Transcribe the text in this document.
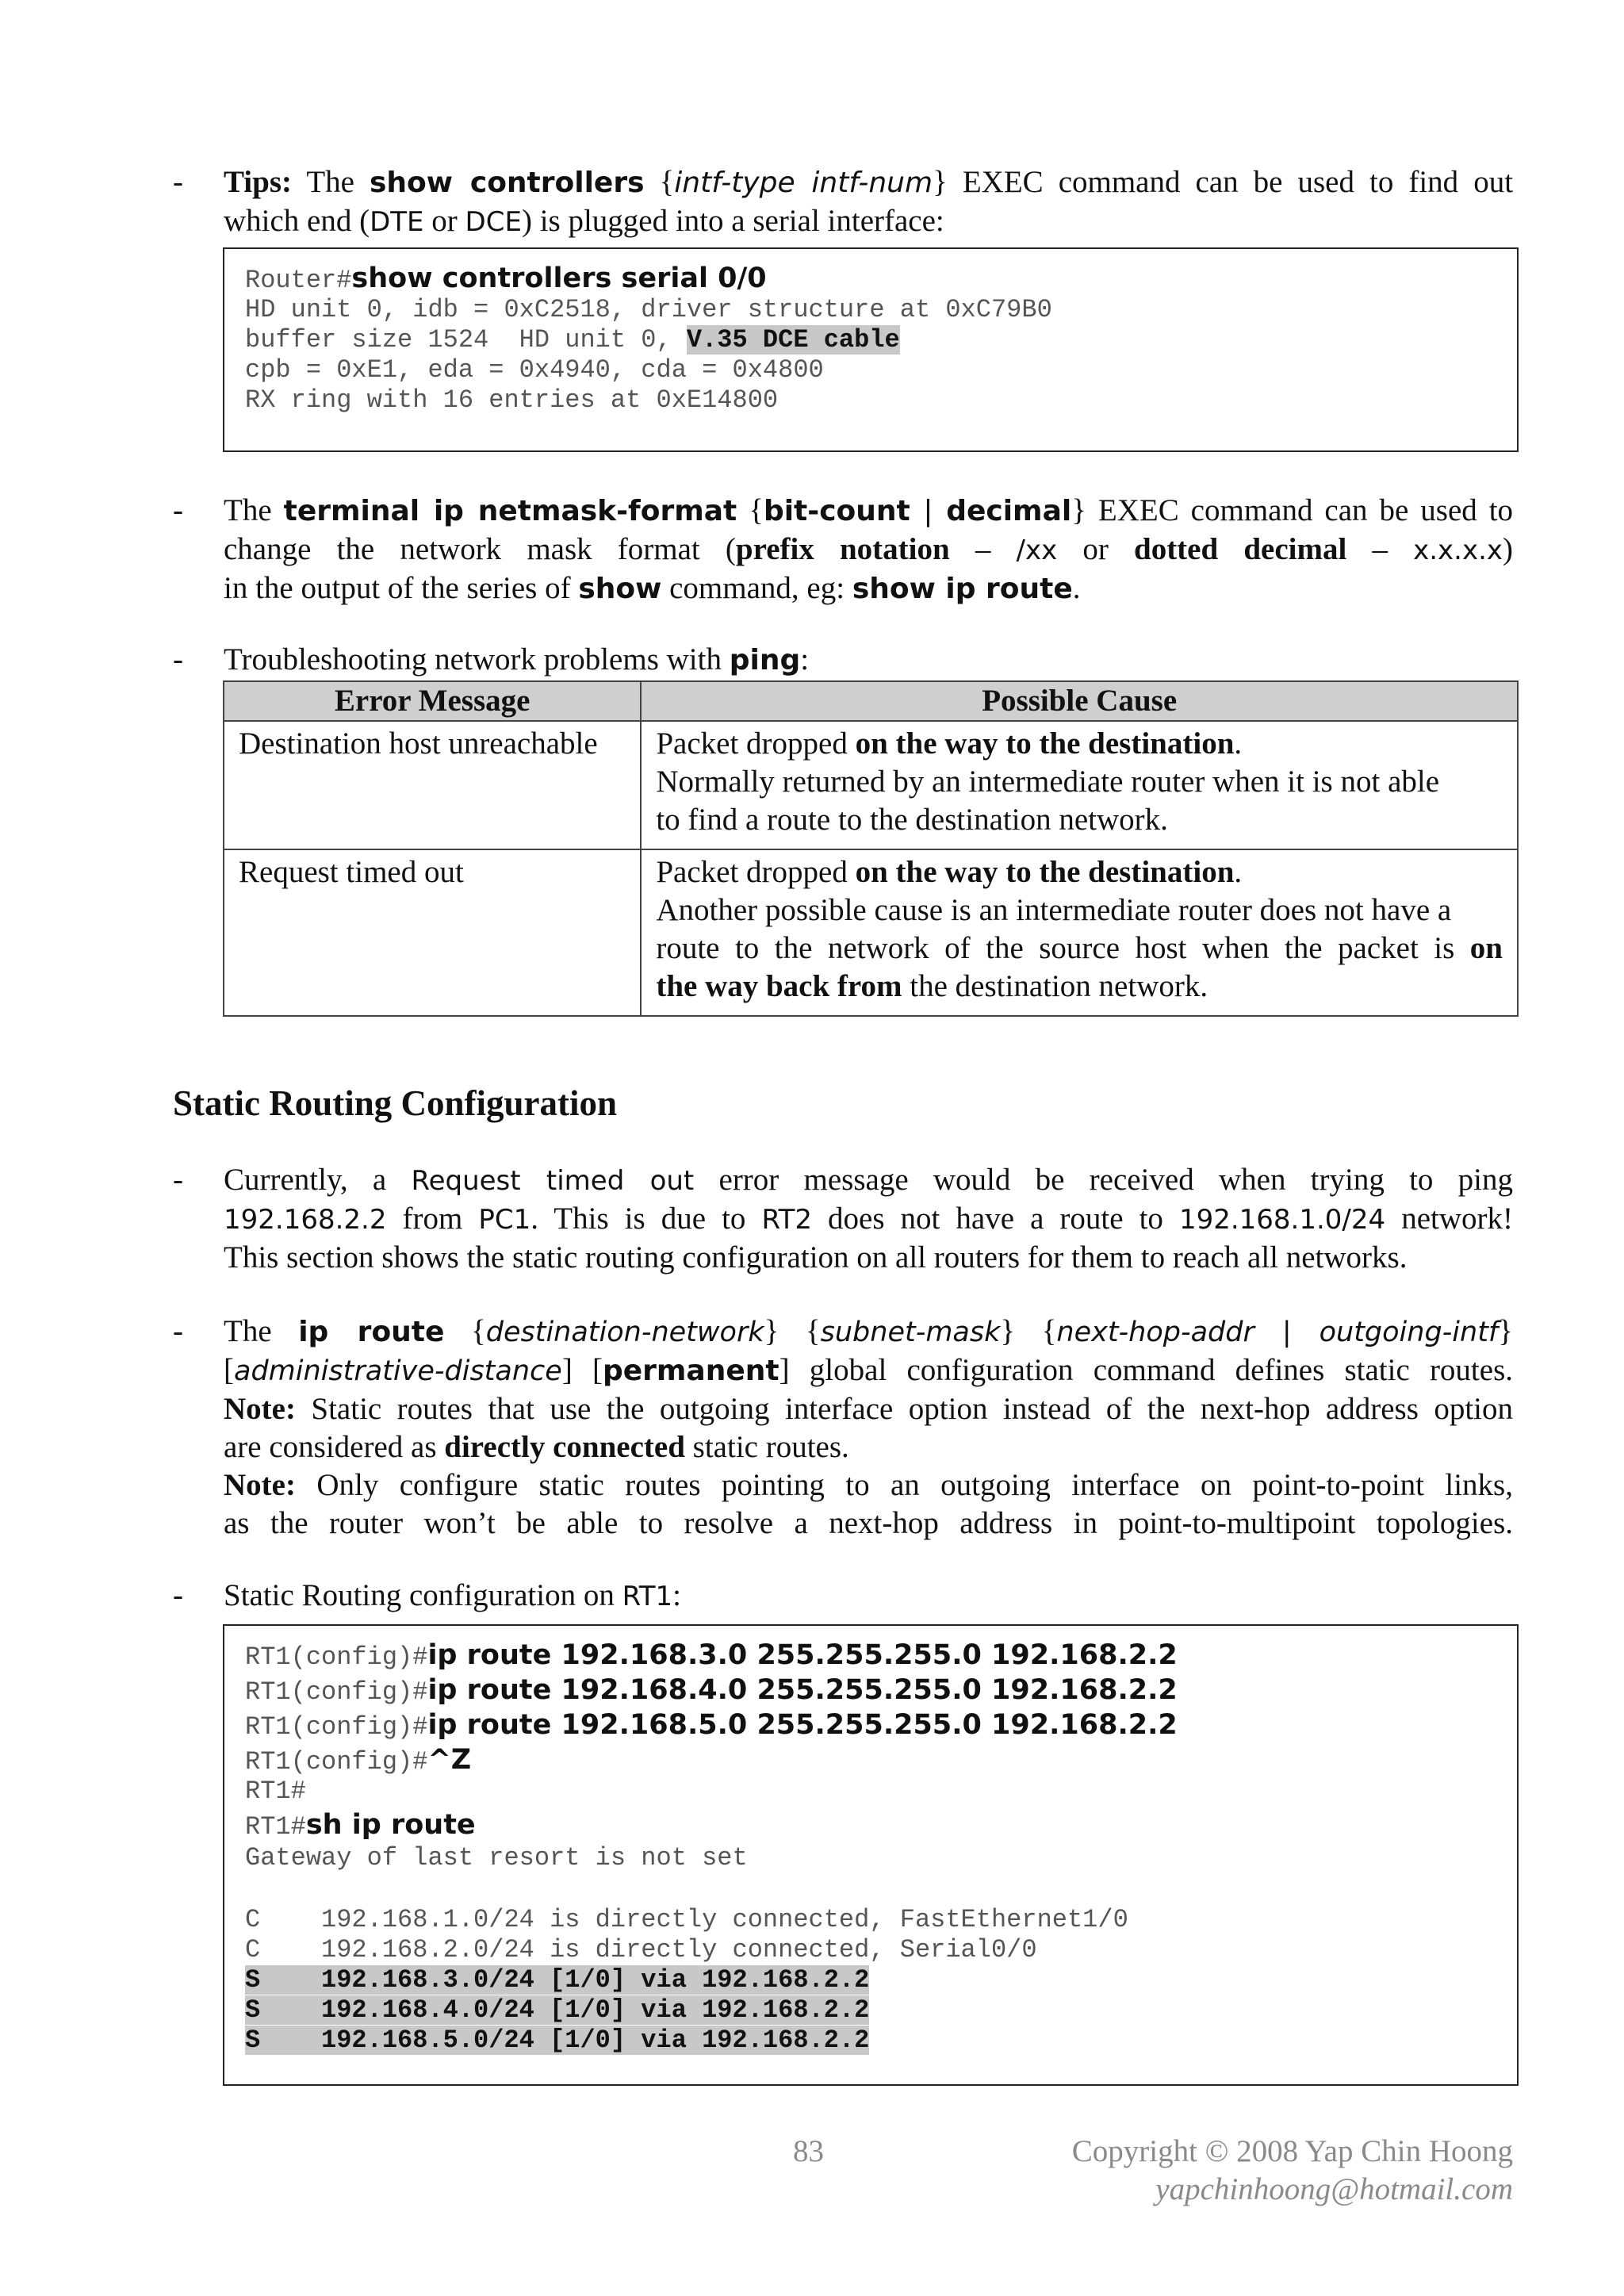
-	Tips: The show controllers {intf-type intf-num} EXEC command can be used to find out
which end (DTE or DCE) is plugged into a serial interface:
Router#show controllers serial 0/0
HD unit 0, idb = 0xC2518, driver structure at 0xC79B0
buffer size 1524  HD unit 0, V.35 DCE cable
cpb = 0xE1, eda = 0x4940, cda = 0x4800
RX ring with 16 entries at 0xE14800
-	The terminal ip netmask-format {bit-count | decimal} EXEC command can be used to
change the network mask format (prefix notation – /xx or dotted decimal – x.x.x.x)
in the output of the series of show command, eg: show ip route.
-	Troubleshooting network problems with ping:
Error Message	Possible Cause
Destination host unreachable	Packet dropped on the way to the destination.
Normally returned by an intermediate router when it is not able
to find a route to the destination network.

Request timed out	Packet dropped on the way to the destination.
Another possible cause is an intermediate router does not have a
route to the network of the source host when the packet is on
the way back from the destination network.
Static Routing Configuration
-	Currently, a Request timed out error message would be received when trying to ping
192.168.2.2 from PC1. This is due to RT2 does not have a route to 192.168.1.0/24 network!
This section shows the static routing configuration on all routers for them to reach all networks.
-	The ip route {destination-network} {subnet-mask} {next-hop-addr | outgoing-intf}
[administrative-distance] [permanent] global configuration command defines static routes.
Note: Static routes that use the outgoing interface option instead of the next-hop address option
are considered as directly connected static routes.
Note: Only configure static routes pointing to an outgoing interface on point-to-point links,
as the router won’t be able to resolve a next-hop address in point-to-multipoint topologies.
-	Static Routing configuration on RT1:
RT1(config)#ip route 192.168.3.0 255.255.255.0 192.168.2.2
RT1(config)#ip route 192.168.4.0 255.255.255.0 192.168.2.2
RT1(config)#ip route 192.168.5.0 255.255.255.0 192.168.2.2
RT1(config)#^Z
RT1#
RT1#sh ip route
Gateway of last resort is not set
C    192.168.1.0/24 is directly connected, FastEthernet1/0
C    192.168.2.0/24 is directly connected, Serial0/0
S    192.168.3.0/24 [1/0] via 192.168.2.2
S    192.168.4.0/24 [1/0] via 192.168.2.2
S    192.168.5.0/24 [1/0] via 192.168.2.2
83	Copyright © 2008 Yap Chin Hoong
yapchinhoong@hotmail.com
